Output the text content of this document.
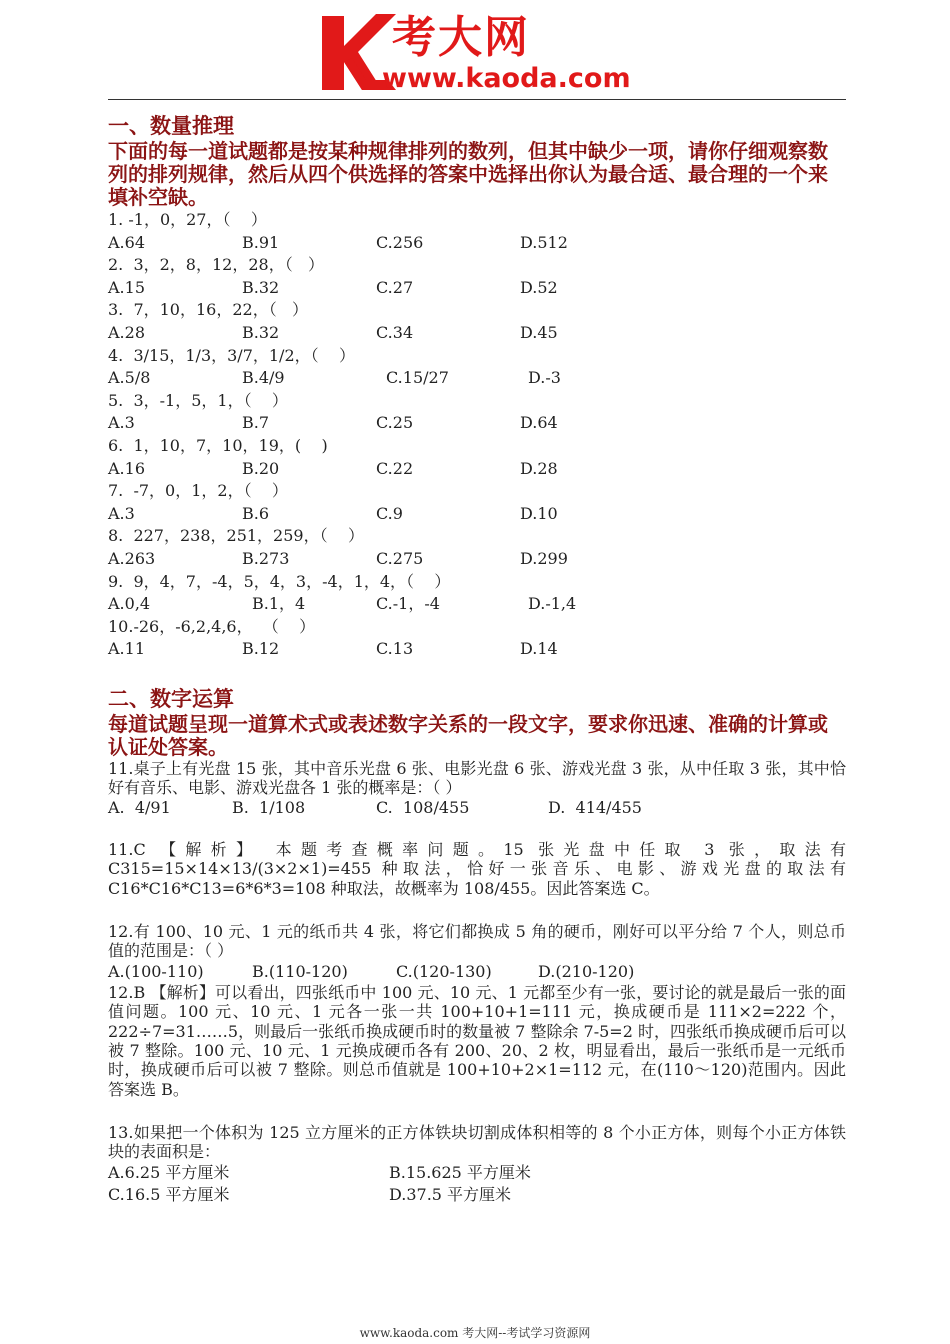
考大网
www.kaoda.com
一、数量推理
下面的每一道试题都是按某种规律排列的数列，但其中缺少一项，请你仔细观察数列的排列规律，然后从四个供选择的答案中选择出你认为最合适、最合理的一个来填补空缺。
1. -1，0，27，（    ）
A.64	B.91	C.256	D.512
2.  3，2，8，12，28，（   ）
A.15	B.32	C.27	D.52
3.  7，10，16，22，（   ）
A.28	B.32	C.34	D.45
4.  3/15，1/3，3/7，1/2，（    ）
A.5/8	B.4/9	C.15/27	D.-3
5.  3，-1，5，1，（    ）
A.3	B.7	C.25	D.64
6.  1，10，7，10，19，(    )
A.16	B.20	C.22	D.28
7.  -7，0，1，2，（    ）
A.3	B.6	C.9	D.10
8.  227，238，251，259，（    ）
A.263	B.273	C.275	D.299
9.  9，4，7，-4，5，4，3，-4，1，4，（    ）
A.0,4	B.1，4	C.-1，-4	D.-1,4
10.-26，-6,2,4,6，  （    ）
A.11	B.12	C.13	D.14
二、数字运算
每道试题呈现一道算术式或表述数字关系的一段文字，要求你迅速、准确的计算或认证处答案。
11.桌子上有光盘 15 张，其中音乐光盘 6 张、电影光盘 6 张、游戏光盘 3 张，从中任取 3 张，其中恰好有音乐、电影、游戏光盘各 1 张的概率是：（ ）
A.  4/91	B.  1/108	C.  108/455	D.  414/455
11.C 【解析】 本题考查概率问题。15 张光盘中任取 3 张，取法有 C315=15×14×13/(3×2×1)=455 种取法，恰好一张音乐、电影、游戏光盘的取法有 C16*C16*C13=6*6*3=108 种取法，故概率为 108/455。因此答案选 C。
12.有 100、10 元、1 元的纸币共 4 张，将它们都换成 5 角的硬币，刚好可以平分给 7 个人，则总币值的范围是：（ ）
A.(100-110)	B.(110-120)	C.(120-130)	D.(210-120)
12.B 【解析】可以看出，四张纸币中 100 元、10 元、1 元都至少有一张，要讨论的就是最后一张的面值问题。100 元、10 元、1 元各一张一共 100+10+1=111 元，换成硬币是 111×2=222 个，222÷7=31……5，则最后一张纸币换成硬币时的数量被 7 整除余 7-5=2 时，四张纸币换成硬币后可以被 7 整除。100 元、10 元、1 元换成硬币各有 200、20、2 枚，明显看出，最后一张纸币是一元纸币时，换成硬币后可以被 7 整除。则总币值就是 100+10+2×1=112 元，在(110～120)范围内。因此答案选 B。
13.如果把一个体积为 125 立方厘米的正方体铁块切割成体积相等的 8 个小正方体，则每个小正方体铁块的表面积是：
A.6.25 平方厘米	B.15.625 平方厘米
C.16.5 平方厘米	D.37.5 平方厘米
www.kaoda.com 考大网--考试学习资源网
